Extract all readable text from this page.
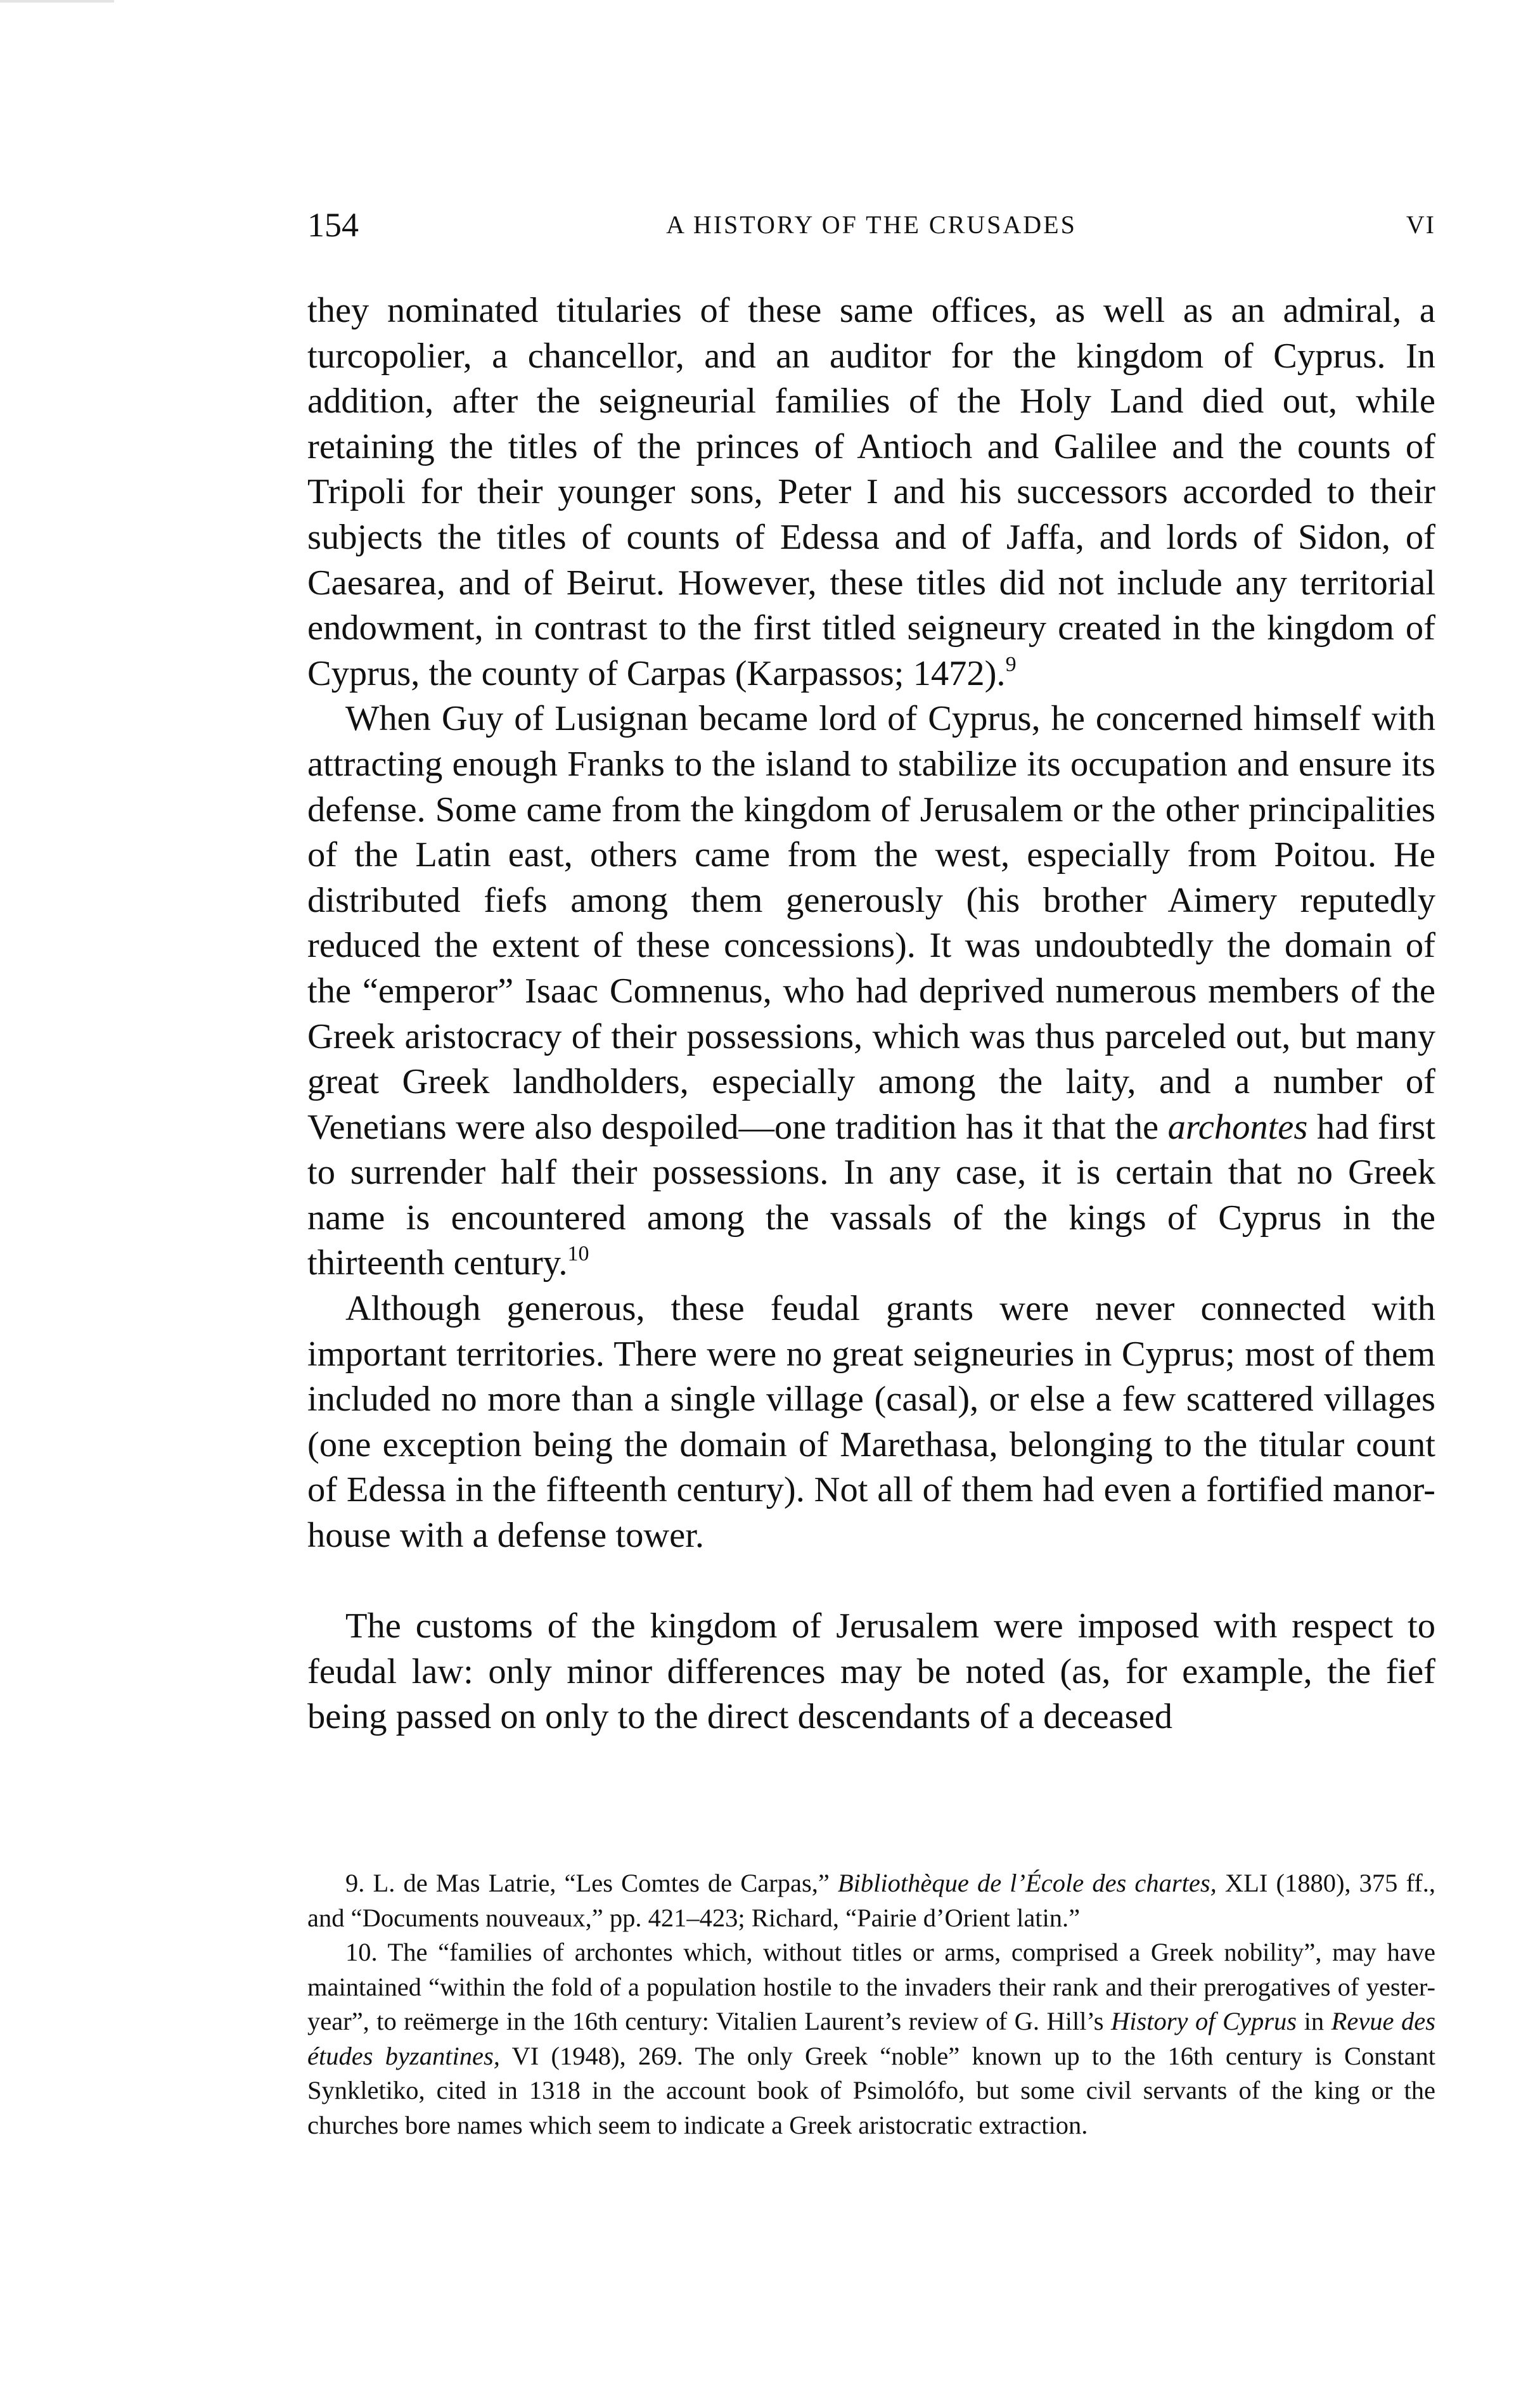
154	A HISTORY OF THE CRUSADES	VI

they nominated titularies of these same offices, as well as an admiral, a turcopolier, a chancellor, and an auditor for the kingdom of Cyprus. In addition, after the seigneurial families of the Holy Land died out, while retaining the titles of the princes of Antioch and Galilee and the counts of Tripoli for their younger sons, Peter I and his successors accorded to their subjects the titles of counts of Edessa and of Jaffa, and lords of Sidon, of Caesarea, and of Beirut. However, these titles did not include any territorial endowment, in contrast to the first titled seigneury created in the kingdom of Cyprus, the county of Carpas (Karpassos; 1472).$^9$

When Guy of Lusignan became lord of Cyprus, he concerned himself with attracting enough Franks to the island to stabilize its occupation and ensure its defense. Some came from the kingdom of Jerusalem or the other principalities of the Latin east, others came from the west, especially from Poitou. He distributed fiefs among them generously (his brother Aimery reputedly reduced the extent of these concessions). It was undoubtedly the domain of the “emperor” Isaac Comnenus, who had deprived numerous members of the Greek aristocracy of their possessions, which was thus parceled out, but many great Greek landholders, especially among the laity, and a number of Venetians were also despoiled—one tradition has it that the archontes had first to surrender half their possessions. In any case, it is certain that no Greek name is encountered among the vassals of the kings of Cyprus in the thirteenth century.$^{10}$

Although generous, these feudal grants were never connected with important territories. There were no great seigneuries in Cyprus; most of them included no more than a single village (casal), or else a few scattered villages (one exception being the domain of Marethasa, belonging to the titular count of Edessa in the fifteenth century). Not all of them had even a fortified manor-house with a defense tower.

The customs of the kingdom of Jerusalem were imposed with respect to feudal law: only minor differences may be noted (as, for example, the fief being passed on only to the direct descendants of a deceased

9. L. de Mas Latrie, “Les Comtes de Carpas,” Bibliothèque de l’École des chartes, XLI (1880), 375 ff., and “Documents nouveaux,” pp. 421–423; Richard, “Pairie d’Orient latin.”

10. The “families of archontes which, without titles or arms, comprised a Greek nobility”, may have maintained “within the fold of a population hostile to the invaders their rank and their prerogatives of yester-year”, to reëmerge in the 16th century: Vitalien Laurent’s review of G. Hill’s History of Cyprus in Revue des études byzantines, VI (1948), 269. The only Greek “noble” known up to the 16th century is Constant Synkletiko, cited in 1318 in the account book of Psimolófo, but some civil servants of the king or the churches bore names which seem to indicate a Greek aristocratic extraction.
